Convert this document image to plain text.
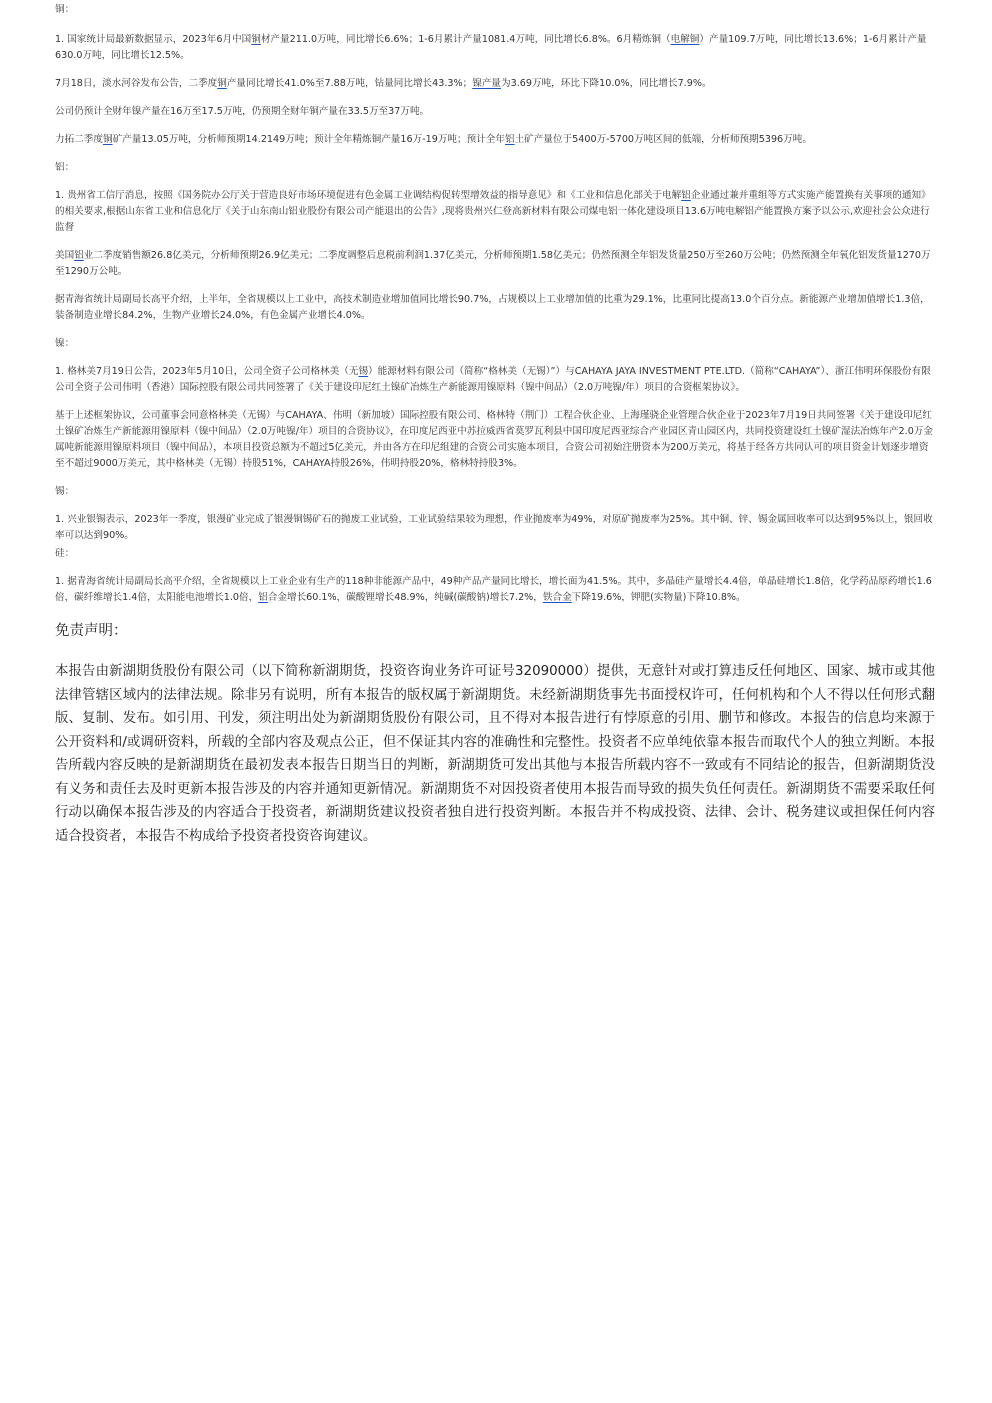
铜：

1. 国家统计局最新数据显示，2023年6月中国铜材产量211.0万吨，同比增长6.6%；1-6月累计产量1081.4万吨，同比增长6.8%。6月精炼铜（电解铜）产量109.7万吨，同比增长13.6%；1-6月累计产量630.0万吨，同比增长12.5%。

7月18日，淡水河谷发布公告，二季度铜产量同比增长41.0%至7.88万吨，钻量同比增长43.3%；镍产量为3.69万吨，环比下降10.0%，同比增长7.9%。

公司仍预计全财年镍产量在16万至17.5万吨，仍预期全财年铜产量在33.5万至37万吨。

力拓二季度铜矿产量13.05万吨，分析师预期14.2149万吨；预计全年精炼铜产量16万-19万吨；预计全年铝土矿产量位于5400万-5700万吨区间的低端，分析师预期5396万吨。

铝：

1. 贵州省工信厅消息，按照《国务院办公厅关于营造良好市场环境促进有色金属工业调结构促转型增效益的指导意见》和《工业和信息化部关于电解铝企业通过兼并重组等方式实施产能置换有关事项的通知》的相关要求,根据山东省工业和信息化厅《关于山东南山铝业股份有限公司产能退出的公告》,现将贵州兴仁登高新材料有限公司煤电铝一体化建设项目13.6万吨电解铝产能置换方案予以公示,欢迎社会公众进行监督

美国铝业二季度销售额26.8亿美元，分析师预期26.9亿美元；二季度调整后息税前利润1.37亿美元，分析师预期1.58亿美元；仍然预测全年铝发货量250万至260万公吨；仍然预测全年氧化铝发货量1270万至1290万公吨。

据青海省统计局副局长高平介绍，上半年，全省规模以上工业中，高技术制造业增加值同比增长90.7%，占规模以上工业增加值的比重为29.1%，比重同比提高13.0个百分点。新能源产业增加值增长1.3倍，装备制造业增长84.2%，生物产业增长24.0%，有色金属产业增长4.0%。

镍：

1. 格林美7月19日公告，2023年5月10日，公司全资子公司格林美（无锡）能源材料有限公司（简称“格林美（无锡）”）与CAHAYA JAYA INVESTMENT PTE.LTD.（简称“CAHAYA”）、浙江伟明环保股份有限公司全资子公司伟明（香港）国际控股有限公司共同签署了《关于建设印尼红土镍矿冶炼生产新能源用镍原料（镍中间品）（2.0万吨镍/年）项目的合资框架协议》。

基于上述框架协议，公司董事会同意格林美（无锡）与CAHAYA、伟明（新加坡）国际控股有限公司、格林特（荆门）工程合伙企业、上海瑾骁企业管理合伙企业于2023年7月19日共同签署《关于建设印尼红土镍矿冶炼生产新能源用镍原料（镍中间品）（2.0万吨镍/年）项目的合资协议》，在印度尼西亚中苏拉威西省莫罗瓦利县中国印度尼西亚综合产业园区青山园区内，共同投资建设红土镍矿湿法冶炼年产2.0万金属吨新能源用镍原料项目（镍中间品），本项目投资总额为不超过5亿美元，并由各方在印尼组建的合资公司实施本项目，合资公司初始注册资本为200万美元，将基于经各方共同认可的项目资金计划逐步增资至不超过9000万美元，其中格林美（无锡）持股51%，CAHAYA持股26%，伟明持股20%，格林特持股3%。

锡：

1. 兴业银锡表示，2023年一季度，银漫矿业完成了银漫铜锡矿石的抛废工业试验，工业试验结果较为理想，作业抛废率为49%，对原矿抛废率为25%。其中铜、锌、锡金属回收率可以达到95%以上，银回收率可以达到90%。

硅：

1. 据青海省统计局副局长高平介绍，全省规模以上工业企业有生产的118种非能源产品中，49种产品产量同比增长，增长面为41.5%。其中，多晶硅产量增长4.4倍，单晶硅增长1.8倍，化学药品原药增长1.6倍，碳纤维增长1.4倍，太阳能电池增长1.0倍，铝合金增长60.1%，碳酸锂增长48.9%，纯碱(碳酸钠)增长7.2%，铁合金下降19.6%，钾肥(实物量)下降10.8%。

免责声明：

本报告由新湖期货股份有限公司（以下简称新湖期货，投资咨询业务许可证号32090000）提供，无意针对或打算违反任何地区、国家、城市或其他法律管辖区域内的法律法规。除非另有说明，所有本报告的版权属于新湖期货。未经新湖期货事先书面授权许可，任何机构和个人不得以任何形式翻版、复制、发布。如引用、刊发，须注明出处为新湖期货股份有限公司，且不得对本报告进行有悖原意的引用、删节和修改。本报告的信息均来源于公开资料和/或调研资料，所载的全部内容及观点公正，但不保证其内容的准确性和完整性。投资者不应单纯依靠本报告而取代个人的独立判断。本报告所载内容反映的是新湖期货在最初发表本报告日期当日的判断，新湖期货可发出其他与本报告所载内容不一致或有不同结论的报告，但新湖期货没有义务和责任去及时更新本报告涉及的内容并通知更新情况。新湖期货不对因投资者使用本报告而导致的损失负任何责任。新湖期货不需要采取任何行动以确保本报告涉及的内容适合于投资者，新湖期货建议投资者独自进行投资判断。本报告并不构成投资、法律、会计、税务建议或担保任何内容适合投资者，本报告不构成给予投资者投资咨询建议。
